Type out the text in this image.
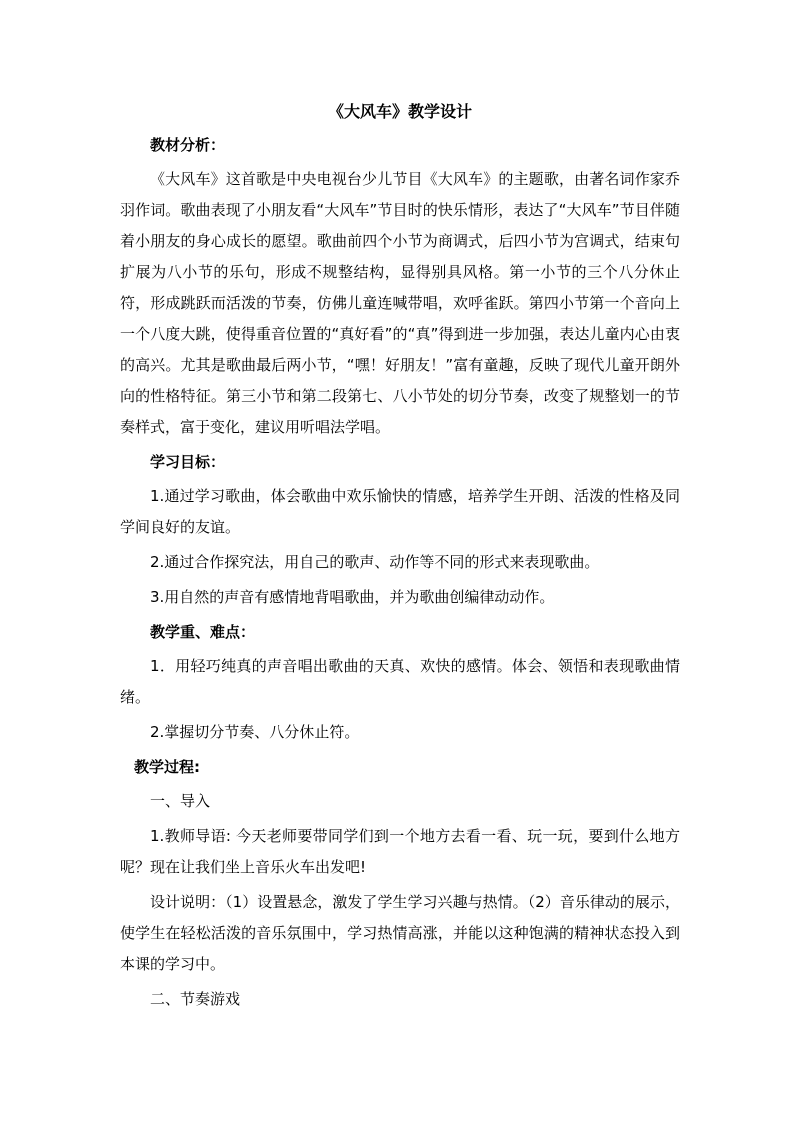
《大风车》教学设计
教材分析：

《大风车》这首歌是中央电视台少儿节目《大风车》的主题歌，由著名词作家乔羽作词。歌曲表现了小朋友看“大风车”节目时的快乐情形，表达了“大风车”节目伴随着小朋友的身心成长的愿望。歌曲前四个小节为商调式，后四小节为宫调式，结束句扩展为八小节的乐句，形成不规整结构，显得别具风格。第一小节的三个八分休止符，形成跳跃而活泼的节奏，仿佛儿童连喊带唱，欢呼雀跃。第四小节第一个音向上一个八度大跳，使得重音位置的“真好看”的“真”得到进一步加强，表达儿童内心由衷的高兴。尤其是歌曲最后两小节，“嘿！好朋友！”富有童趣，反映了现代儿童开朗外向的性格特征。第三小节和第二段第七、八小节处的切分节奏，改变了规整划一的节奏样式，富于变化，建议用听唱法学唱。

学习目标：

1.通过学习歌曲，体会歌曲中欢乐愉快的情感，培养学生开朗、活泼的性格及同学间良好的友谊。

2.通过合作探究法，用自己的歌声、动作等不同的形式来表现歌曲。

3.用自然的声音有感情地背唱歌曲，并为歌曲创编律动动作。

教学重、难点：

1．用轻巧纯真的声音唱出歌曲的天真、欢快的感情。体会、领悟和表现歌曲情绪。

2.掌握切分节奏、八分休止符。

教学过程:

一、导入

1.教师导语: 今天老师要带同学们到一个地方去看一看、玩一玩，要到什么地方呢？现在让我们坐上音乐火车出发吧!

设计说明：（1）设置悬念，激发了学生学习兴趣与热情。（2）音乐律动的展示，使学生在轻松活泼的音乐氛围中，学习热情高涨，并能以这种饱满的精神状态投入到本课的学习中。

二、节奏游戏
